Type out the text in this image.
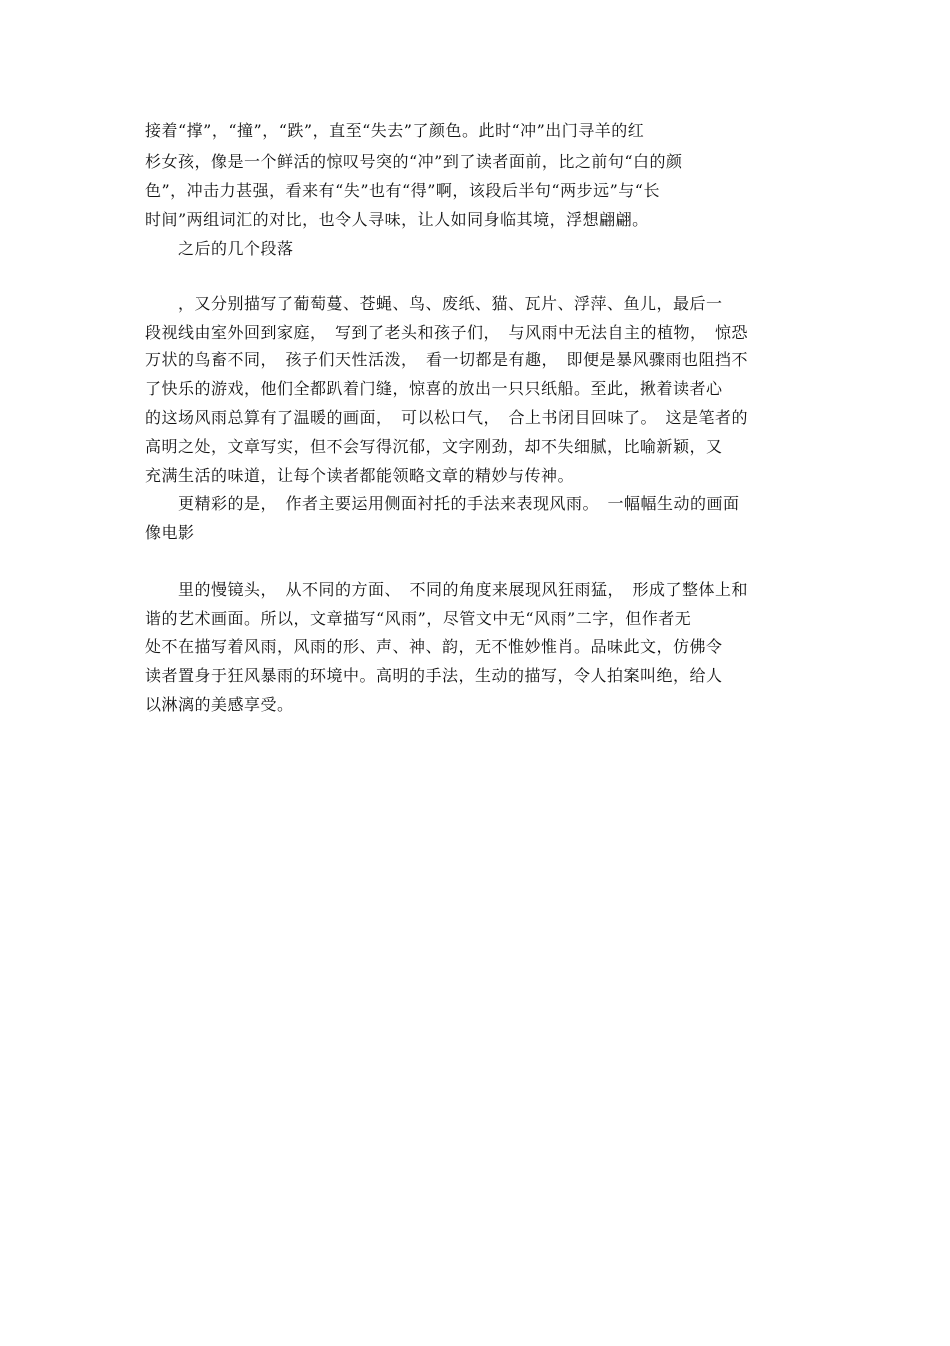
接着“撑”，“撞”，“跌”，直至“失去”了颜色。此时“冲”出门寻羊的红
杉女孩，像是一个鲜活的惊叹号突的“冲”到了读者面前，比之前句“白的颜
色”，冲击力甚强，看来有“失”也有“得”啊，该段后半句“两步远”与“长
时间”两组词汇的对比，也令人寻味，让人如同身临其境，浮想翩翩。
　　之后的几个段落
　　，又分别描写了葡萄蔓、苍蝇、鸟、废纸、猫、瓦片、浮萍、鱼儿，最后一
段视线由室外回到家庭，　写到了老头和孩子们，　与风雨中无法自主的植物，　惊恐
万状的鸟畜不同，　孩子们天性活泼，　看一切都是有趣，　即便是暴风骤雨也阻挡不
了快乐的游戏，他们全都趴着门缝，惊喜的放出一只只纸船。至此，揪着读者心
的这场风雨总算有了温暖的画面，　可以松口气，　合上书闭目回味了。　这是笔者的
高明之处，文章写实，但不会写得沉郁，文字刚劲，却不失细腻，比喻新颖，又
充满生活的味道，让每个读者都能领略文章的精妙与传神。
　　更精彩的是，　作者主要运用侧面衬托的手法来表现风雨。　一幅幅生动的画面
像电影
　　里的慢镜头，　从不同的方面、　不同的角度来展现风狂雨猛，　形成了整体上和
谐的艺术画面。所以，文章描写“风雨”，尽管文中无“风雨”二字，但作者无
处不在描写着风雨，风雨的形、声、神、韵，无不惟妙惟肖。品味此文，仿佛令
读者置身于狂风暴雨的环境中。高明的手法，生动的描写，令人拍案叫绝，给人
以淋漓的美感享受。
